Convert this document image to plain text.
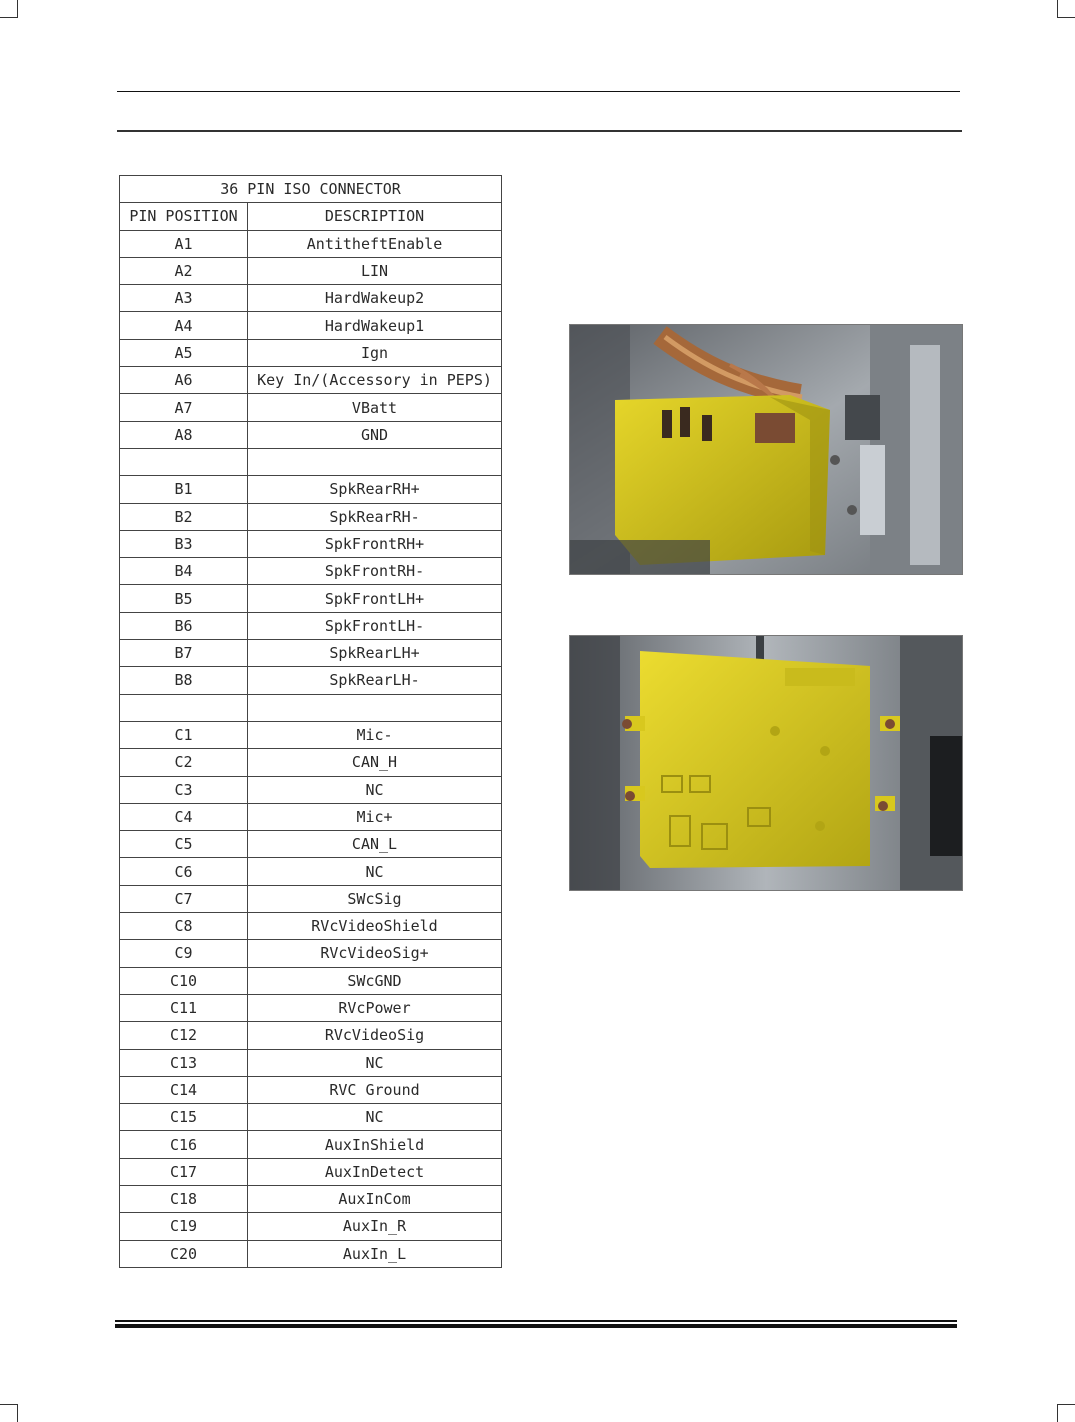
36 PIN ISO CONNECTOR	
PIN POSITION	DESCRIPTION
A1	AntitheftEnable
A2	LIN
A3	HardWakeup2
A4	HardWakeup1
A5	Ign
A6	Key In/(Accessory in PEPS)
A7	VBatt
A8	GND

B1	SpkRearRH+
B2	SpkRearRH-
B3	SpkFrontRH+
B4	SpkFrontRH-
B5	SpkFrontLH+
B6	SpkFrontLH-
B7	SpkRearLH+
B8	SpkRearLH-

C1	Mic-
C2	CAN_H
C3	NC
C4	Mic+
C5	CAN_L
C6	NC
C7	SWcSig
C8	RVcVideoShield
C9	RVcVideoSig+
C10	SWcGND
C11	RVcPower
C12	RVcVideoSig
C13	NC
C14	RVC Ground
C15	NC
C16	AuxInShield
C17	AuxInDetect
C18	AuxInCom
C19	AuxIn_R
C20	AuxIn_L
